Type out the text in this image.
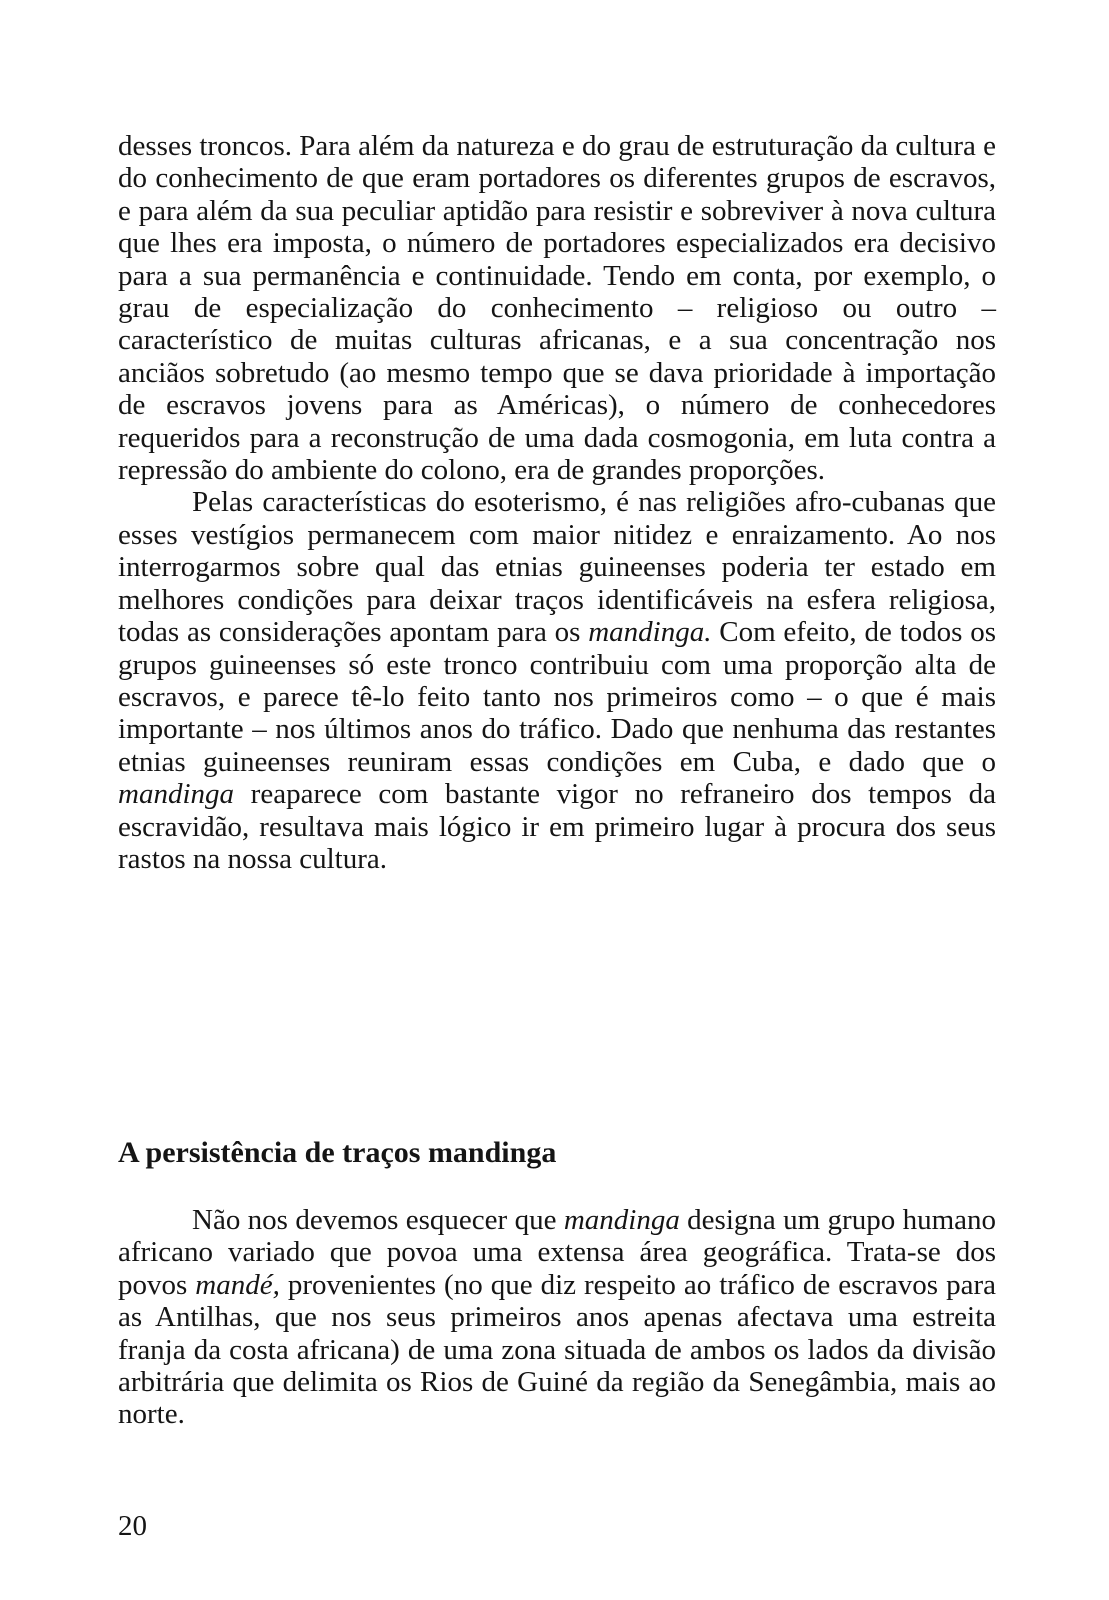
desses troncos. Para além da natureza e do grau de estruturação da cultura e do conhecimento de que eram portadores os diferentes grupos de escravos, e para além da sua peculiar aptidão para resistir e sobreviver à nova cultura que lhes era imposta, o número de portadores especializados era decisivo para a sua permanência e continuidade. Tendo em conta, por exemplo, o grau de especialização do conhecimento – religioso ou outro – característico de muitas culturas africanas, e a sua concentração nos anciãos sobretudo (ao mesmo tempo que se dava prioridade à importação de escravos jovens para as Américas), o número de conhecedores requeridos para a reconstrução de uma dada cosmogonia, em luta contra a repressão do ambiente do colono, era de grandes proporções.

Pelas características do esoterismo, é nas religiões afro-cubanas que esses vestígios permanecem com maior nitidez e enraizamento. Ao nos interrogarmos sobre qual das etnias guineenses poderia ter estado em melhores condições para deixar traços identificáveis na esfera religiosa, todas as considerações apontam para os mandinga. Com efeito, de todos os grupos guineenses só este tronco contribuiu com uma proporção alta de escravos, e parece tê-lo feito tanto nos primeiros como – o que é mais importante – nos últimos anos do tráfico. Dado que nenhuma das restantes etnias guineenses reuniram essas condições em Cuba, e dado que o mandinga reaparece com bastante vigor no refraneiro dos tempos da escravidão, resultava mais lógico ir em primeiro lugar à procura dos seus rastos na nossa cultura.

A persistência de traços mandinga

Não nos devemos esquecer que mandinga designa um grupo humano africano variado que povoa uma extensa área geográfica. Trata-se dos povos mandé, provenientes (no que diz respeito ao tráfico de escravos para as Antilhas, que nos seus primeiros anos apenas afectava uma estreita franja da costa africana) de uma zona situada de ambos os lados da divisão arbitrária que delimita os Rios de Guiné da região da Senegâmbia, mais ao norte.

20
